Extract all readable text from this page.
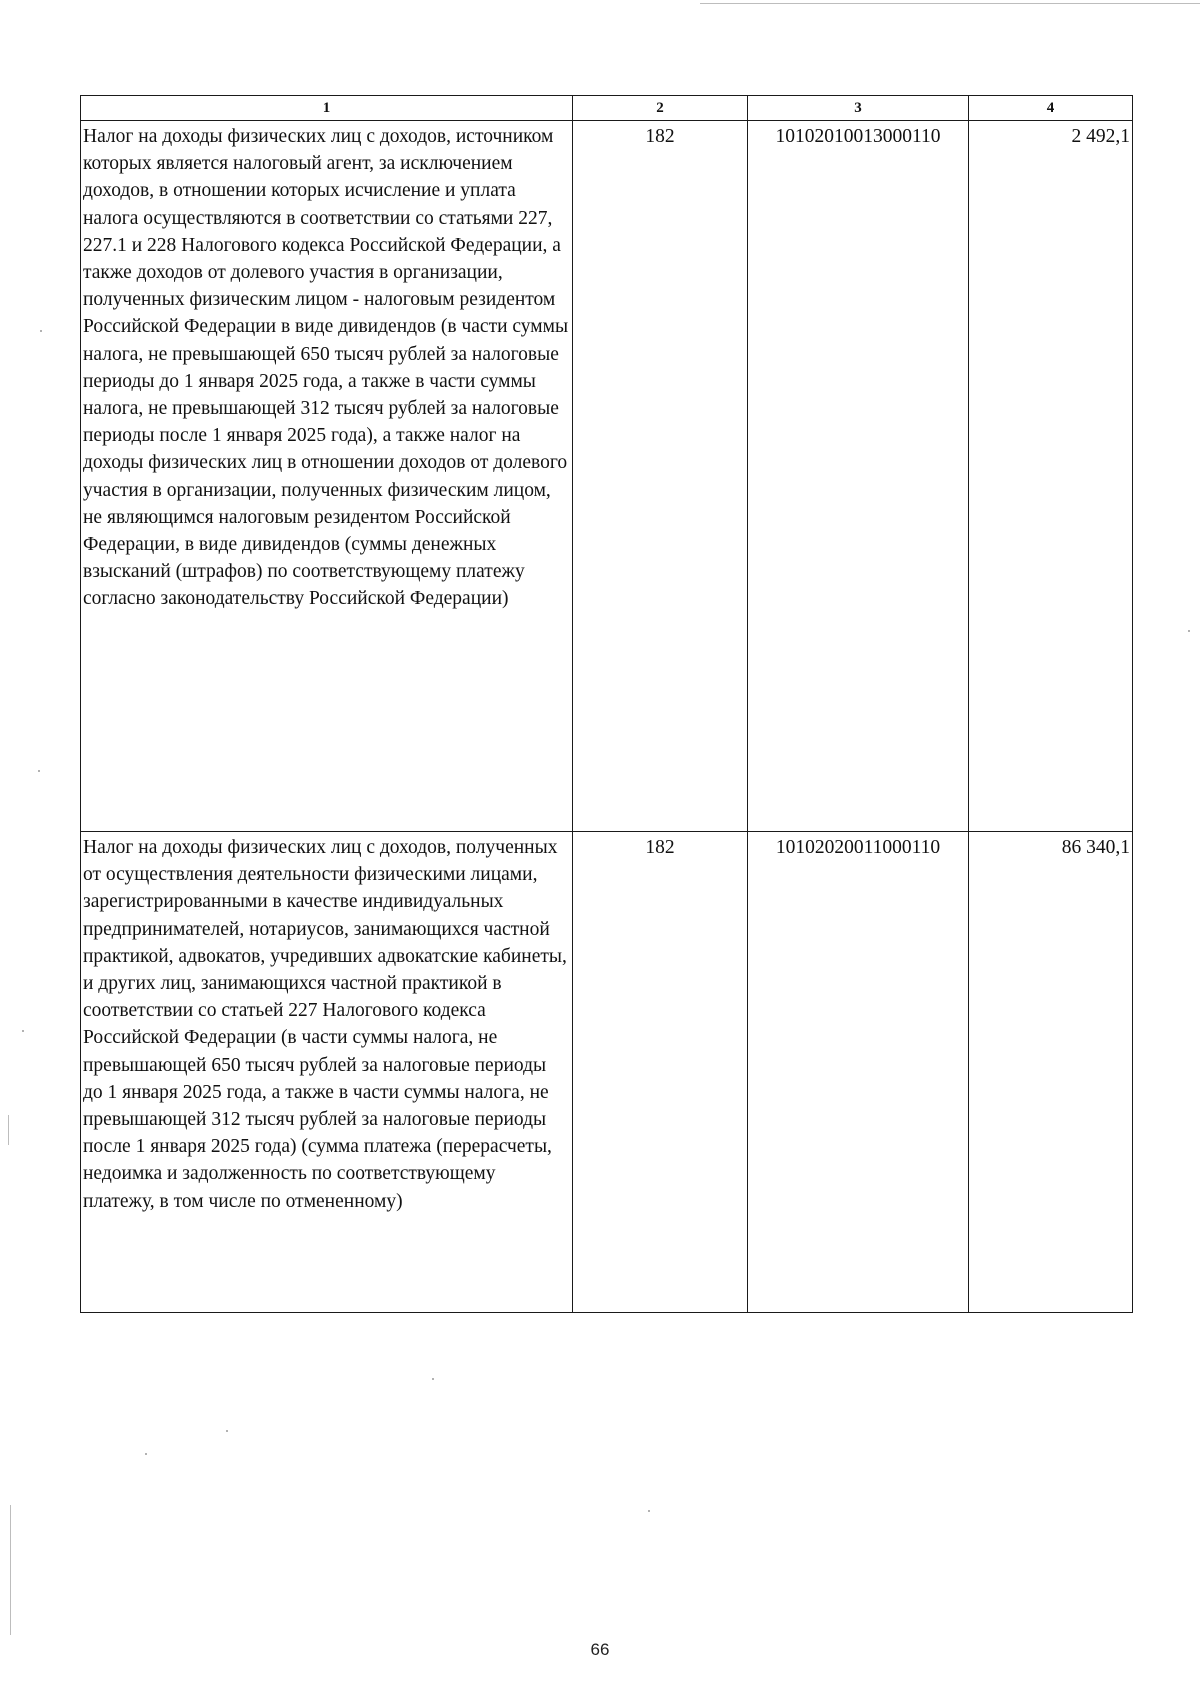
1	2	3	4
Налог на доходы физических лиц с доходов, источником которых является налоговый агент, за исключением доходов, в отношении которых исчисление и уплата налога осуществляются в соответствии со статьями 227, 227.1 и 228 Налогового кодекса Российской Федерации, а также доходов от долевого участия в организации, полученных физическим лицом - налоговым резидентом Российской Федерации в виде дивидендов (в части суммы налога, не превышающей 650 тысяч рублей за налоговые периоды до 1 января 2025 года, а также в части суммы налога, не превышающей 312 тысяч рублей за налоговые периоды после 1 января 2025 года), а также налог на доходы физических лиц в отношении доходов от долевого участия в организации, полученных физическим лицом, не являющимся налоговым резидентом Российской Федерации, в виде дивидендов (суммы денежных взысканий (штрафов) по соответствующему платежу согласно законодательству Российской Федерации)	182	10102010013000110	2 492,1
Налог на доходы физических лиц с доходов, полученных от осуществления деятельности физическими лицами, зарегистрированными в качестве индивидуальных предпринимателей, нотариусов, занимающихся частной практикой, адвокатов, учредивших адвокатские кабинеты, и других лиц, занимающихся частной практикой в соответствии со статьей 227 Налогового кодекса Российской Федерации (в части суммы налога, не превышающей 650 тысяч рублей за налоговые периоды до 1 января 2025 года, а также в части суммы налога, не превышающей 312 тысяч рублей за налоговые периоды после 1 января 2025 года) (сумма платежа (перерасчеты, недоимка и задолженность по соответствующему платежу, в том числе по отмененному)	182	10102020011000110	86 340,1
66
